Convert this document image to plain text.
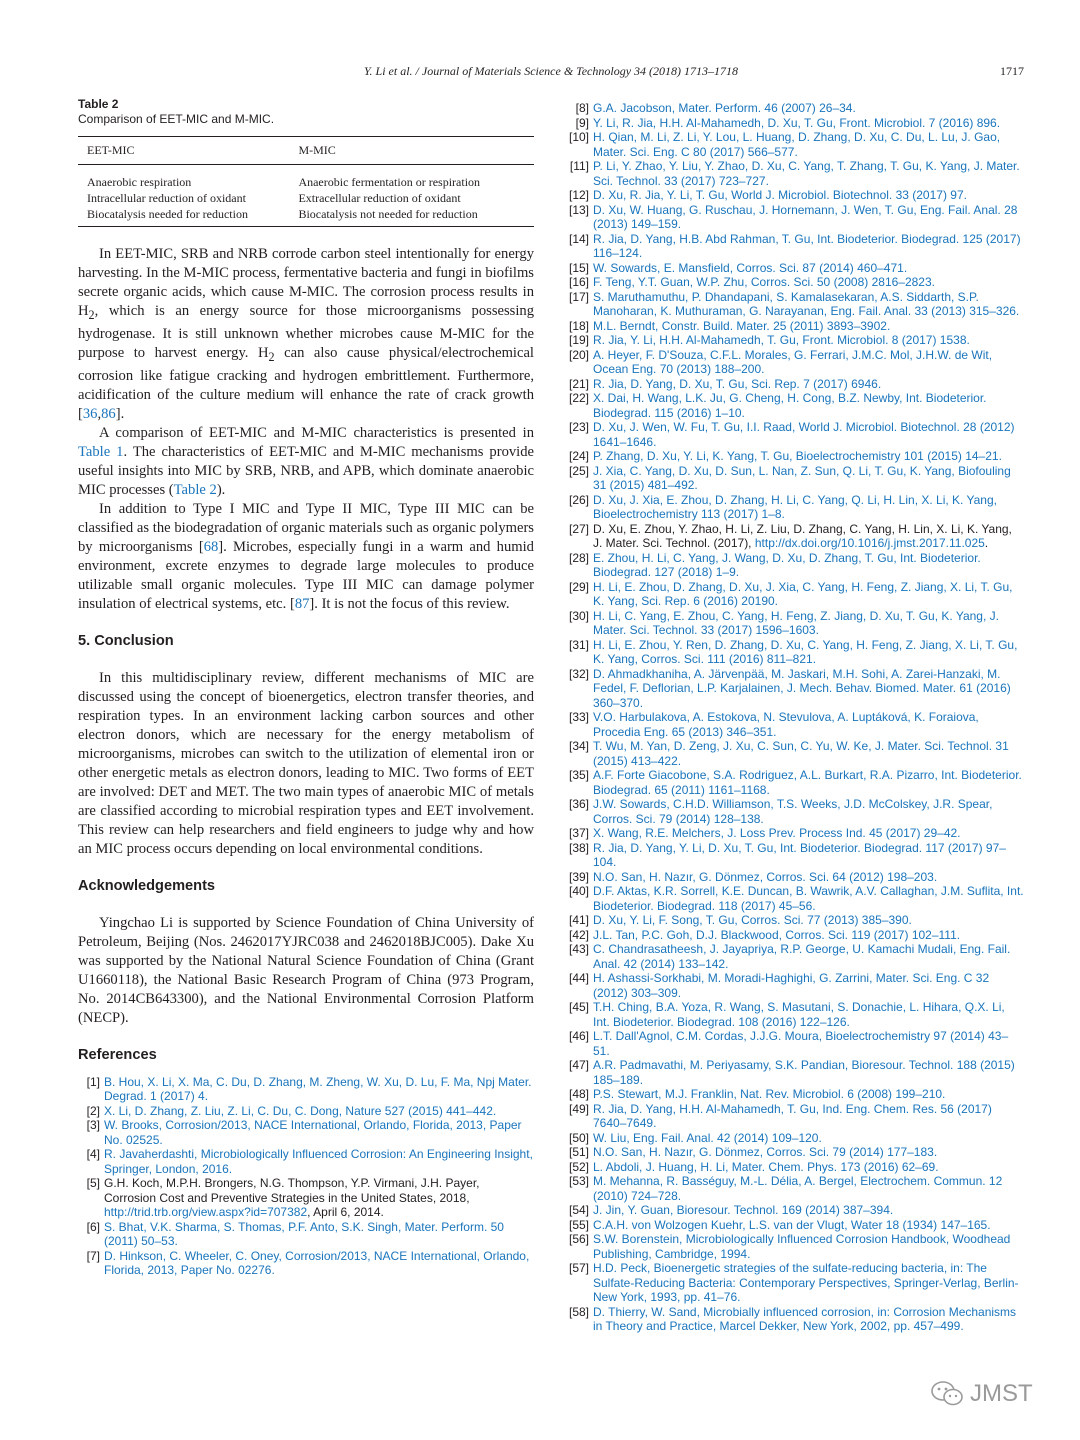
Y. Li et al. / Journal of Materials Science & Technology 34 (2018) 1713–1718	1717
Table 2
Comparison of EET-MIC and M-MIC.
EET-MIC	M-MIC
Anaerobic respiration	Anaerobic fermentation or respiration
Intracellular reduction of oxidant	Extracellular reduction of oxidant
Biocatalysis needed for reduction	Biocatalysis not needed for reduction

In EET-MIC, SRB and NRB corrode carbon steel intentionally for energy harvesting. In the M-MIC process, fermentative bacteria and fungi in biofilms secrete organic acids, which cause M-MIC. The corrosion process results in $H_2$, which is an energy source for those microorganisms possessing hydrogenase. It is still unknown whether microbes cause M-MIC for the purpose to harvest energy. $H_2$ can also cause physical/electrochemical corrosion like fatigue cracking and hydrogen embrittlement. Furthermore, acidification of the culture medium will enhance the rate of crack growth [36,86].

A comparison of EET-MIC and M-MIC characteristics is presented in Table 1. The characteristics of EET-MIC and M-MIC mechanisms provide useful insights into MIC by SRB, NRB, and APB, which dominate anaerobic MIC processes (Table 2).

In addition to Type I MIC and Type II MIC, Type III MIC can be classified as the biodegradation of organic materials such as organic polymers by microorganisms [68]. Microbes, especially fungi in a warm and humid environment, excrete enzymes to degrade large molecules to produce utilizable small organic molecules. Type III MIC can damage polymer insulation of electrical systems, etc. [87]. It is not the focus of this review.

5. Conclusion

In this multidisciplinary review, different mechanisms of MIC are discussed using the concept of bioenergetics, electron transfer theories, and respiration types. In an environment lacking carbon sources and other electron donors, which are necessary for the energy metabolism of microorganisms, microbes can switch to the utilization of elemental iron or other energetic metals as electron donors, leading to MIC. Two forms of EET are involved: DET and MET. The two main types of anaerobic MIC of metals are classified according to microbial respiration types and EET involvement. This review can help researchers and field engineers to judge why and how an MIC process occurs depending on local environmental conditions.

Acknowledgements

Yingchao Li is supported by Science Foundation of China University of Petroleum, Beijing (Nos. 2462017YJRC038 and 2462018BJC005). Dake Xu was supported by the National Natural Science Foundation of China (Grant U1660118), the National Basic Research Program of China (973 Program, No. 2014CB643300), and the National Environmental Corrosion Platform (NECP).

References
[1] B. Hou, X. Li, X. Ma, C. Du, D. Zhang, M. Zheng, W. Xu, D. Lu, F. Ma, Npj Mater. Degrad. 1 (2017) 4.
[2] X. Li, D. Zhang, Z. Liu, Z. Li, C. Du, C. Dong, Nature 527 (2015) 441–442.
[3] W. Brooks, Corrosion/2013, NACE International, Orlando, Florida, 2013, Paper No. 02525.
[4] R. Javaherdashti, Microbiologically Influenced Corrosion: An Engineering Insight, Springer, London, 2016.
[5] G.H. Koch, M.P.H. Brongers, N.G. Thompson, Y.P. Virmani, J.H. Payer, Corrosion Cost and Preventive Strategies in the United States, 2018, http://trid.trb.org/view.aspx?id=707382, April 6, 2014.
[6] S. Bhat, V.K. Sharma, S. Thomas, P.F. Anto, S.K. Singh, Mater. Perform. 50 (2011) 50–53.
[7] D. Hinkson, C. Wheeler, C. Oney, Corrosion/2013, NACE International, Orlando, Florida, 2013, Paper No. 02276.
[8] G.A. Jacobson, Mater. Perform. 46 (2007) 26–34.
[9] Y. Li, R. Jia, H.H. Al-Mahamedh, D. Xu, T. Gu, Front. Microbiol. 7 (2016) 896.
[10] H. Qian, M. Li, Z. Li, Y. Lou, L. Huang, D. Zhang, D. Xu, C. Du, L. Lu, J. Gao, Mater. Sci. Eng. C 80 (2017) 566–577.
[11] P. Li, Y. Zhao, Y. Liu, Y. Zhao, D. Xu, C. Yang, T. Zhang, T. Gu, K. Yang, J. Mater. Sci. Technol. 33 (2017) 723–727.
[12] D. Xu, R. Jia, Y. Li, T. Gu, World J. Microbiol. Biotechnol. 33 (2017) 97.
[13] D. Xu, W. Huang, G. Ruschau, J. Hornemann, J. Wen, T. Gu, Eng. Fail. Anal. 28 (2013) 149–159.
[14] R. Jia, D. Yang, H.B. Abd Rahman, T. Gu, Int. Biodeterior. Biodegrad. 125 (2017) 116–124.
[15] W. Sowards, E. Mansfield, Corros. Sci. 87 (2014) 460–471.
[16] F. Teng, Y.T. Guan, W.P. Zhu, Corros. Sci. 50 (2008) 2816–2823.
[17] S. Maruthamuthu, P. Dhandapani, S. Kamalasekaran, A.S. Siddarth, S.P. Manoharan, K. Muthuraman, G. Narayanan, Eng. Fail. Anal. 33 (2013) 315–326.
[18] M.L. Berndt, Constr. Build. Mater. 25 (2011) 3893–3902.
[19] R. Jia, Y. Li, H.H. Al-Mahamedh, T. Gu, Front. Microbiol. 8 (2017) 1538.
[20] A. Heyer, F. D'Souza, C.F.L. Morales, G. Ferrari, J.M.C. Mol, J.H.W. de Wit, Ocean Eng. 70 (2013) 188–200.
[21] R. Jia, D. Yang, D. Xu, T. Gu, Sci. Rep. 7 (2017) 6946.
[22] X. Dai, H. Wang, L.K. Ju, G. Cheng, H. Cong, B.Z. Newby, Int. Biodeterior. Biodegrad. 115 (2016) 1–10.
[23] D. Xu, J. Wen, W. Fu, T. Gu, I.I. Raad, World J. Microbiol. Biotechnol. 28 (2012) 1641–1646.
[24] P. Zhang, D. Xu, Y. Li, K. Yang, T. Gu, Bioelectrochemistry 101 (2015) 14–21.
[25] J. Xia, C. Yang, D. Xu, D. Sun, L. Nan, Z. Sun, Q. Li, T. Gu, K. Yang, Biofouling 31 (2015) 481–492.
[26] D. Xu, J. Xia, E. Zhou, D. Zhang, H. Li, C. Yang, Q. Li, H. Lin, X. Li, K. Yang, Bioelectrochemistry 113 (2017) 1–8.
[27] D. Xu, E. Zhou, Y. Zhao, H. Li, Z. Liu, D. Zhang, C. Yang, H. Lin, X. Li, K. Yang, J. Mater. Sci. Technol. (2017), http://dx.doi.org/10.1016/j.jmst.2017.11.025.
[28] E. Zhou, H. Li, C. Yang, J. Wang, D. Xu, D. Zhang, T. Gu, Int. Biodeterior. Biodegrad. 127 (2018) 1–9.
[29] H. Li, E. Zhou, D. Zhang, D. Xu, J. Xia, C. Yang, H. Feng, Z. Jiang, X. Li, T. Gu, K. Yang, Sci. Rep. 6 (2016) 20190.
[30] H. Li, C. Yang, E. Zhou, C. Yang, H. Feng, Z. Jiang, D. Xu, T. Gu, K. Yang, J. Mater. Sci. Technol. 33 (2017) 1596–1603.
[31] H. Li, E. Zhou, Y. Ren, D. Zhang, D. Xu, C. Yang, H. Feng, Z. Jiang, X. Li, T. Gu, K. Yang, Corros. Sci. 111 (2016) 811–821.
[32] D. Ahmadkhaniha, A. Järvenpää, M. Jaskari, M.H. Sohi, A. Zarei-Hanzaki, M. Fedel, F. Deflorian, L.P. Karjalainen, J. Mech. Behav. Biomed. Mater. 61 (2016) 360–370.
[33] V.O. Harbulakova, A. Estokova, N. Stevulova, A. Luptáková, K. Foraiova, Procedia Eng. 65 (2013) 346–351.
[34] T. Wu, M. Yan, D. Zeng, J. Xu, C. Sun, C. Yu, W. Ke, J. Mater. Sci. Technol. 31 (2015) 413–422.
[35] A.F. Forte Giacobone, S.A. Rodriguez, A.L. Burkart, R.A. Pizarro, Int. Biodeterior. Biodegrad. 65 (2011) 1161–1168.
[36] J.W. Sowards, C.H.D. Williamson, T.S. Weeks, J.D. McColskey, J.R. Spear, Corros. Sci. 79 (2014) 128–138.
[37] X. Wang, R.E. Melchers, J. Loss Prev. Process Ind. 45 (2017) 29–42.
[38] R. Jia, D. Yang, Y. Li, D. Xu, T. Gu, Int. Biodeterior. Biodegrad. 117 (2017) 97–104.
[39] N.O. San, H. Nazır, G. Dönmez, Corros. Sci. 64 (2012) 198–203.
[40] D.F. Aktas, K.R. Sorrell, K.E. Duncan, B. Wawrik, A.V. Callaghan, J.M. Suflita, Int. Biodeterior. Biodegrad. 118 (2017) 45–56.
[41] D. Xu, Y. Li, F. Song, T. Gu, Corros. Sci. 77 (2013) 385–390.
[42] J.L. Tan, P.C. Goh, D.J. Blackwood, Corros. Sci. 119 (2017) 102–111.
[43] C. Chandrasatheesh, J. Jayapriya, R.P. George, U. Kamachi Mudali, Eng. Fail. Anal. 42 (2014) 133–142.
[44] H. Ashassi-Sorkhabi, M. Moradi-Haghighi, G. Zarrini, Mater. Sci. Eng. C 32 (2012) 303–309.
[45] T.H. Ching, B.A. Yoza, R. Wang, S. Masutani, S. Donachie, L. Hihara, Q.X. Li, Int. Biodeterior. Biodegrad. 108 (2016) 122–126.
[46] L.T. Dall'Agnol, C.M. Cordas, J.J.G. Moura, Bioelectrochemistry 97 (2014) 43–51.
[47] A.R. Padmavathi, M. Periyasamy, S.K. Pandian, Bioresour. Technol. 188 (2015) 185–189.
[48] P.S. Stewart, M.J. Franklin, Nat. Rev. Microbiol. 6 (2008) 199–210.
[49] R. Jia, D. Yang, H.H. Al-Mahamedh, T. Gu, Ind. Eng. Chem. Res. 56 (2017) 7640–7649.
[50] W. Liu, Eng. Fail. Anal. 42 (2014) 109–120.
[51] N.O. San, H. Nazır, G. Dönmez, Corros. Sci. 79 (2014) 177–183.
[52] L. Abdoli, J. Huang, H. Li, Mater. Chem. Phys. 173 (2016) 62–69.
[53] M. Mehanna, R. Basséguy, M.-L. Délia, A. Bergel, Electrochem. Commun. 12 (2010) 724–728.
[54] J. Jin, Y. Guan, Bioresour. Technol. 169 (2014) 387–394.
[55] C.A.H. von Wolzogen Kuehr, L.S. van der Vlugt, Water 18 (1934) 147–165.
[56] S.W. Borenstein, Microbiologically Influenced Corrosion Handbook, Woodhead Publishing, Cambridge, 1994.
[57] H.D. Peck, Bioenergetic strategies of the sulfate-reducing bacteria, in: The Sulfate-Reducing Bacteria: Contemporary Perspectives, Springer-Verlag, Berlin-New York, 1993, pp. 41–76.
[58] D. Thierry, W. Sand, Microbially influenced corrosion, in: Corrosion Mechanisms in Theory and Practice, Marcel Dekker, New York, 2002, pp. 457–499.
JMST
